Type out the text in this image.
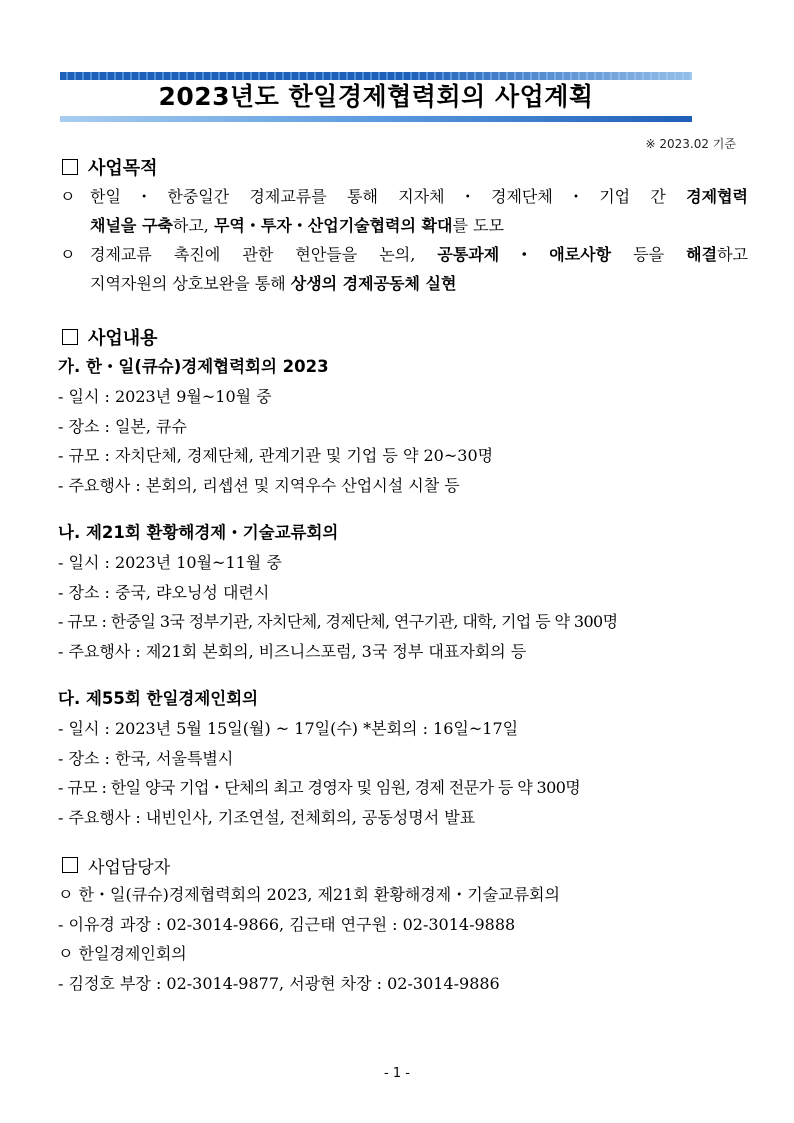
2023년도 한일경제협력회의 사업계획
※ 2023.02 기준
사업목적
ㅇ 한일・한중일간 경제교류를 통해 지자체・경제단체・기업 간 경제협력
채널을 구축하고, 무역・투자・산업기술협력의 확대를 도모
ㅇ 경제교류 촉진에 관한 현안들을 논의, 공통과제・애로사항 등을 해결하고
지역자원의 상호보완을 통해 상생의 경제공동체 실현
사업내용
가. 한・일(큐슈)경제협력회의 2023
- 일시 : 2023년 9월~10월 중
- 장소 : 일본, 큐슈
- 규모 : 자치단체, 경제단체, 관계기관 및 기업 등 약 20~30명
- 주요행사 : 본회의, 리셉션 및 지역우수 산업시설 시찰 등
나. 제21회 환황해경제・기술교류회의
- 일시 : 2023년 10월~11월 중
- 장소 : 중국, 랴오닝성 대련시
- 규모 : 한중일 3국 정부기관, 자치단체, 경제단체, 연구기관, 대학, 기업 등 약 300명
- 주요행사 : 제21회 본회의, 비즈니스포럼, 3국 정부 대표자회의 등
다. 제55회 한일경제인회의
- 일시 : 2023년 5월 15일(월) ~ 17일(수) *본회의 : 16일~17일
- 장소 : 한국, 서울특별시
- 규모 : 한일 양국 기업・단체의 최고 경영자 및 임원, 경제 전문가 등 약 300명
- 주요행사 : 내빈인사, 기조연설, 전체회의, 공동성명서 발표
사업담당자
ㅇ 한・일(큐슈)경제협력회의 2023, 제21회 환황해경제・기술교류회의
- 이유경 과장 : 02-3014-9866, 김근태 연구원 : 02-3014-9888
ㅇ 한일경제인회의
- 김정호 부장 : 02-3014-9877, 서광현 차장 : 02-3014-9886
- 1 -
